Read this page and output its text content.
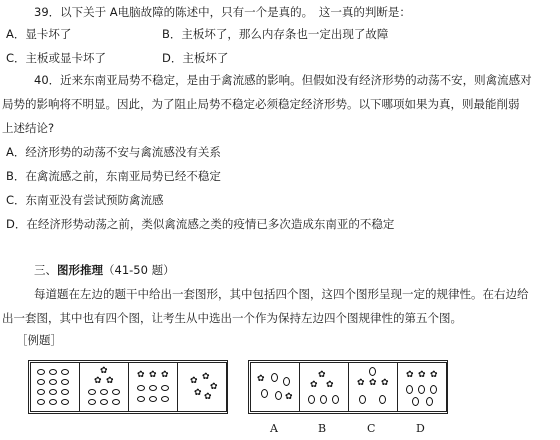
39．以下关于 A电脑故障的陈述中，只有一个是真的。　这一真的判断是：
A．显卡坏了	B．主板坏了，那么内存条也一定出现了故障
C．主板或显卡坏了	D．主板坏了
40．近来东南亚局势不稳定，是由于禽流感的影响。但假如没有经济形势的动荡不安，则禽流感对
局势的影响将不明显。因此，为了阻止局势不稳定必须稳定经济形势。以下哪项如果为真，则最能削弱
上述结论?
A．经济形势的动荡不安与禽流感没有关系
B．在禽流感之前，东南亚局势已经不稳定
C．东南亚没有尝试预防禽流感
D．在经济形势动荡之前，类似禽流感之类的疫情已多次造成东南亚的不稳定
三、图形推理（41-50 题）
每道题在左边的题干中给出一套图形，其中包括四个图，这四个图形呈现一定的规律性。在右边给
出一套图，其中也有四个图，让考生从中选出一个作为保持左边四个图规律性的第五个图。
［例题］
✿
✿ ✿
✿ ✿ ✿
✿ ✿
✿
✿ ✿
✿
✿
✿
✿ ✿	✿ ✿ ✿
✿ ✿ ✿
A	B	C	D
